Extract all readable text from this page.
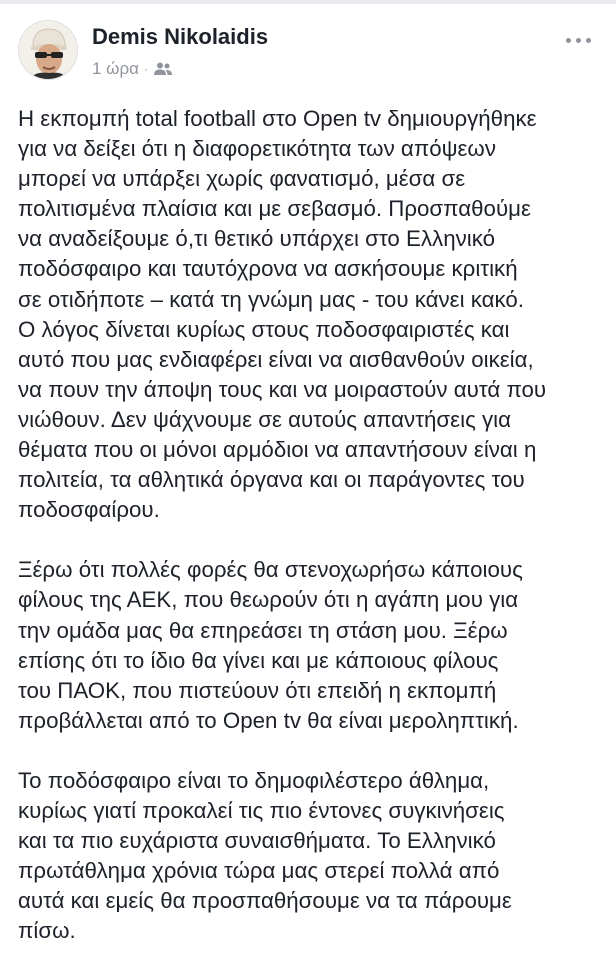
Demis Nikolaidis
1 ώρα ·
Η εκπομπή total football στο Open tv δημιουργήθηκε
για να δείξει ότι η διαφορετικότητα των απόψεων
μπορεί να υπάρξει χωρίς φανατισμό, μέσα σε
πολιτισμένα πλαίσια και με σεβασμό. Προσπαθούμε
να αναδείξουμε ό,τι θετικό υπάρχει στο Ελληνικό
ποδόσφαιρο και ταυτόχρονα να ασκήσουμε κριτική
σε οτιδήποτε – κατά τη γνώμη μας - του κάνει κακό.
Ο λόγος δίνεται κυρίως στους ποδοσφαιριστές και
αυτό που μας ενδιαφέρει είναι να αισθανθούν οικεία,
να πουν την άποψη τους και να μοιραστούν αυτά που
νιώθουν. Δεν ψάχνουμε σε αυτούς απαντήσεις για
θέματα που οι μόνοι αρμόδιοι να απαντήσουν είναι η
πολιτεία, τα αθλητικά όργανα και οι παράγοντες του
ποδοσφαίρου.
Ξέρω ότι πολλές φορές θα στενοχωρήσω κάποιους
φίλους της ΑΕΚ, που θεωρούν ότι η αγάπη μου για
την ομάδα μας θα επηρεάσει τη στάση μου. Ξέρω
επίσης ότι το ίδιο θα γίνει και με κάποιους φίλους
του ΠΑΟΚ, που πιστεύουν ότι επειδή η εκπομπή
προβάλλεται από το Open tv θα είναι μεροληπτική.
Το ποδόσφαιρο είναι το δημοφιλέστερο άθλημα,
κυρίως γιατί προκαλεί τις πιο έντονες συγκινήσεις
και τα πιο ευχάριστα συναισθήματα. Το Ελληνικό
πρωτάθλημα χρόνια τώρα μας στερεί πολλά από
αυτά και εμείς θα προσπαθήσουμε να τα πάρουμε
πίσω.
